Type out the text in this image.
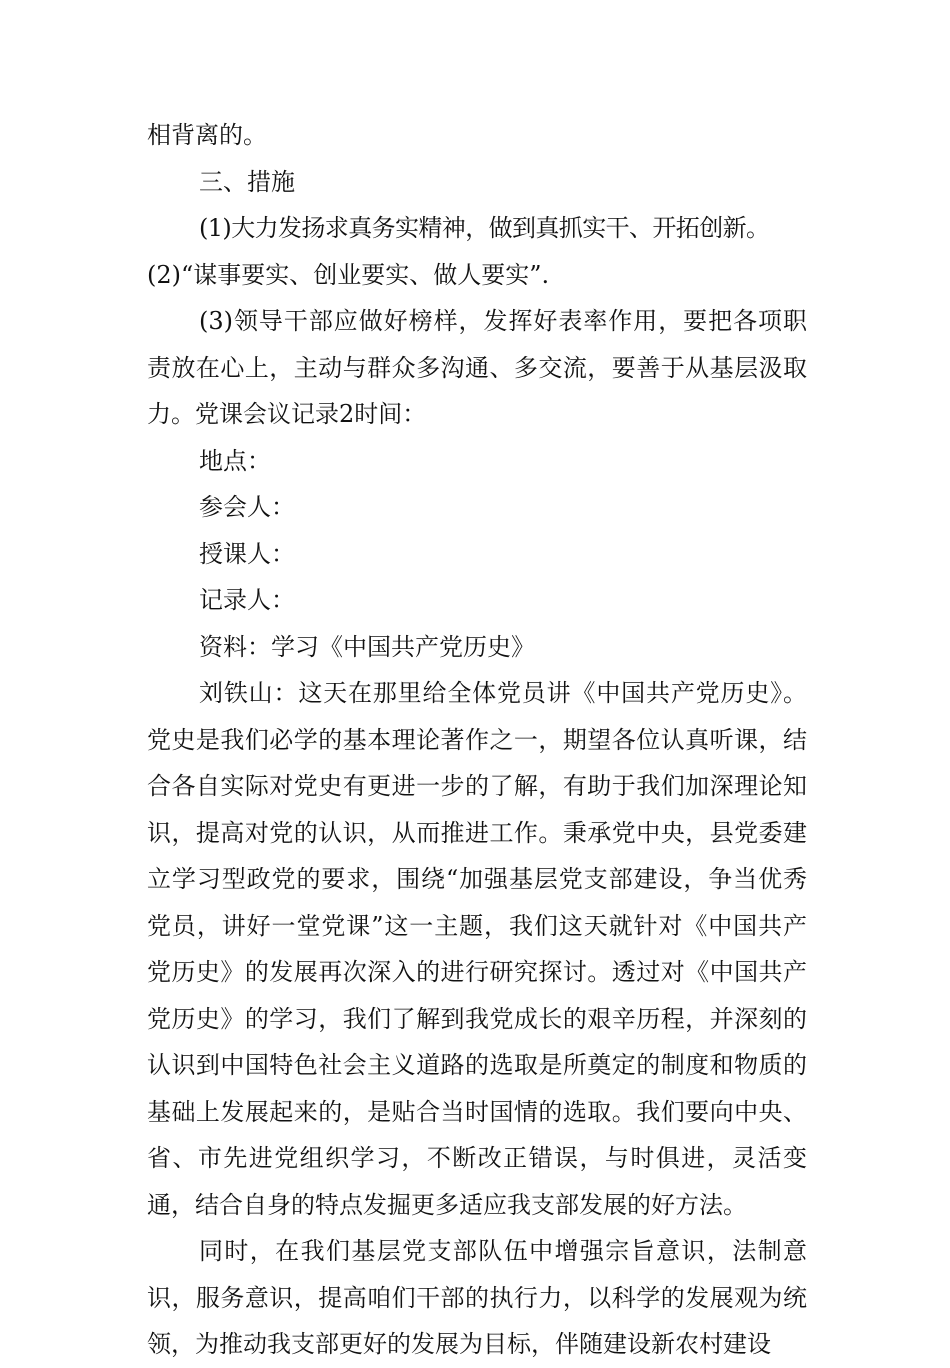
相背离的。

三、措施

(1)大力发扬求真务实精神，做到真抓实干、开拓创新。

(2)“谋事要实、创业要实、做人要实”.

(3)领导干部应做好榜样，发挥好表率作用，要把各项职责放在心上，主动与群众多沟通、多交流，要善于从基层汲取力。党课会议记录2时间：

地点：

参会人：

授课人：

记录人：

资料：学习《中国共产党历史》

刘铁山：这天在那里给全体党员讲《中国共产党历史》。党史是我们必学的基本理论著作之一，期望各位认真听课，结合各自实际对党史有更进一步的了解，有助于我们加深理论知识，提高对党的认识，从而推进工作。秉承党中央，县党委建立学习型政党的要求，围绕“加强基层党支部建设，争当优秀党员，讲好一堂党课”这一主题，我们这天就针对《中国共产党历史》的发展再次深入的进行研究探讨。透过对《中国共产党历史》的学习，我们了解到我党成长的艰辛历程，并深刻的认识到中国特色社会主义道路的选取是所奠定的制度和物质的基础上发展起来的，是贴合当时国情的选取。我们要向中央、省、市先进党组织学习，不断改正错误，与时俱进，灵活变通，结合自身的特点发掘更多适应我支部发展的好方法。

同时，在我们基层党支部队伍中增强宗旨意识，法制意识，服务意识，提高咱们干部的执行力，以科学的发展观为统领，为推动我支部更好的发展为目标，伴随建设新农村建设
